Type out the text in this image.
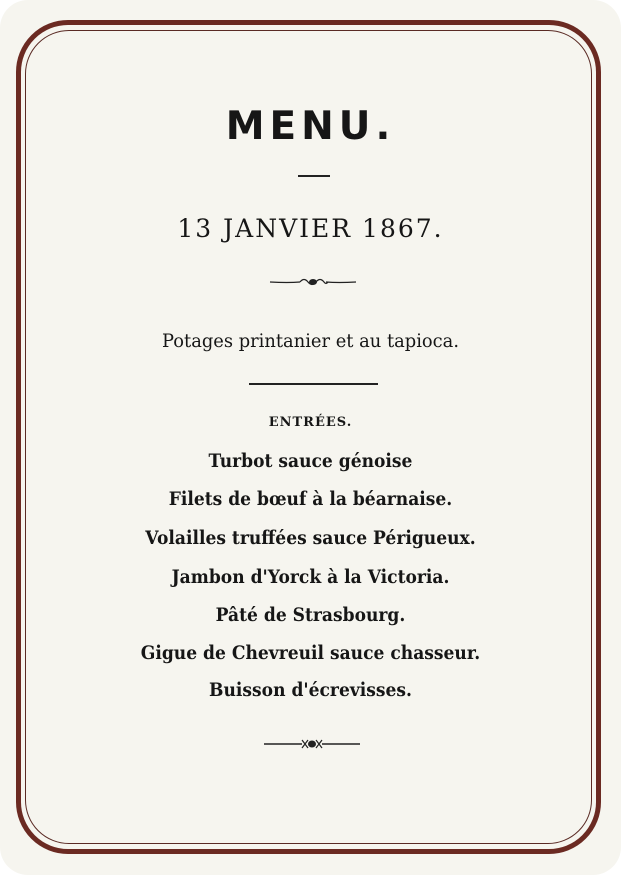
MENU.
13 JANVIER 1867.
Potages printanier et au tapioca.
ENTRÉES.
Turbot sauce génoise
Filets de bœuf à la béarnaise.
Volailles truffées sauce Périgueux.
Jambon d'Yorck à la Victoria.
Pâté de Strasbourg.
Gigue de Chevreuil sauce chasseur.
Buisson d'écrevisses.
